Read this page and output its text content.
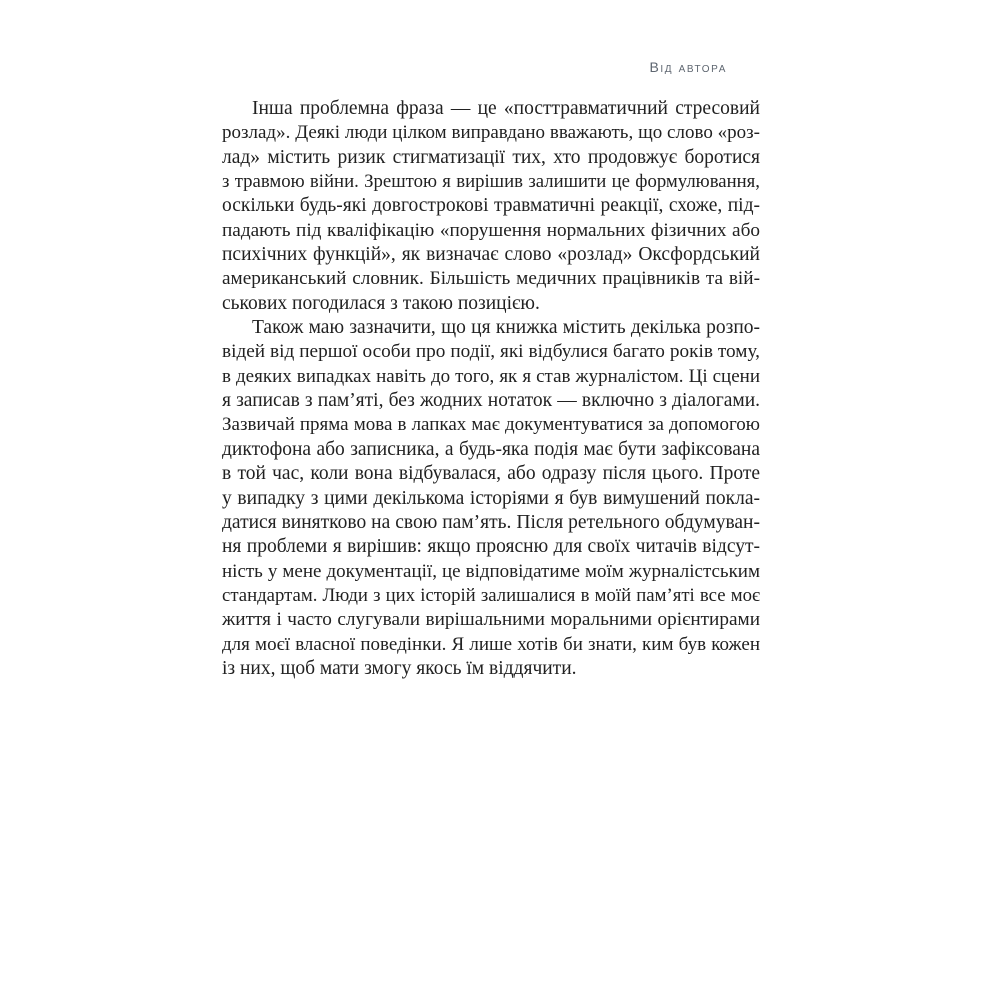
Від автора
Інша проблемна фраза — це «посттравматичний стресовий
розлад». Деякі люди цілком виправдано вважають, що слово «роз-
лад» містить ризик стигматизації тих, хто продовжує боротися
з травмою війни. Зрештою я вирішив залишити це формулювання,
оскільки будь-які довгострокові травматичні реакції, схоже, під-
падають під кваліфікацію «порушення нормальних фізичних або
психічних функцій», як визначає слово «розлад» Оксфордський
американський словник. Більшість медичних працівників та вій-
ськових погодилася з такою позицією.
Також маю зазначити, що ця книжка містить декілька розпо-
відей від першої особи про події, які відбулися багато років тому,
в деяких випадках навіть до того, як я став журналістом. Ці сцени
я записав з пам’яті, без жодних нотаток — включно з діалогами.
Зазвичай пряма мова в лапках має документуватися за допомогою
диктофона або записника, а будь-яка подія має бути зафіксована
в той час, коли вона відбувалася, або одразу після цього. Проте
у випадку з цими декількома історіями я був вимушений покла-
датися винятково на свою пам’ять. Після ретельного обдумуван-
ня проблеми я вирішив: якщо проясню для своїх читачів відсут-
ність у мене документації, це відповідатиме моїм журналістським
стандартам. Люди з цих історій залишалися в моїй пам’яті все моє
життя і часто слугували вирішальними моральними орієнтирами
для моєї власної поведінки. Я лише хотів би знати, ким був кожен
із них, щоб мати змогу якось їм віддячити.
